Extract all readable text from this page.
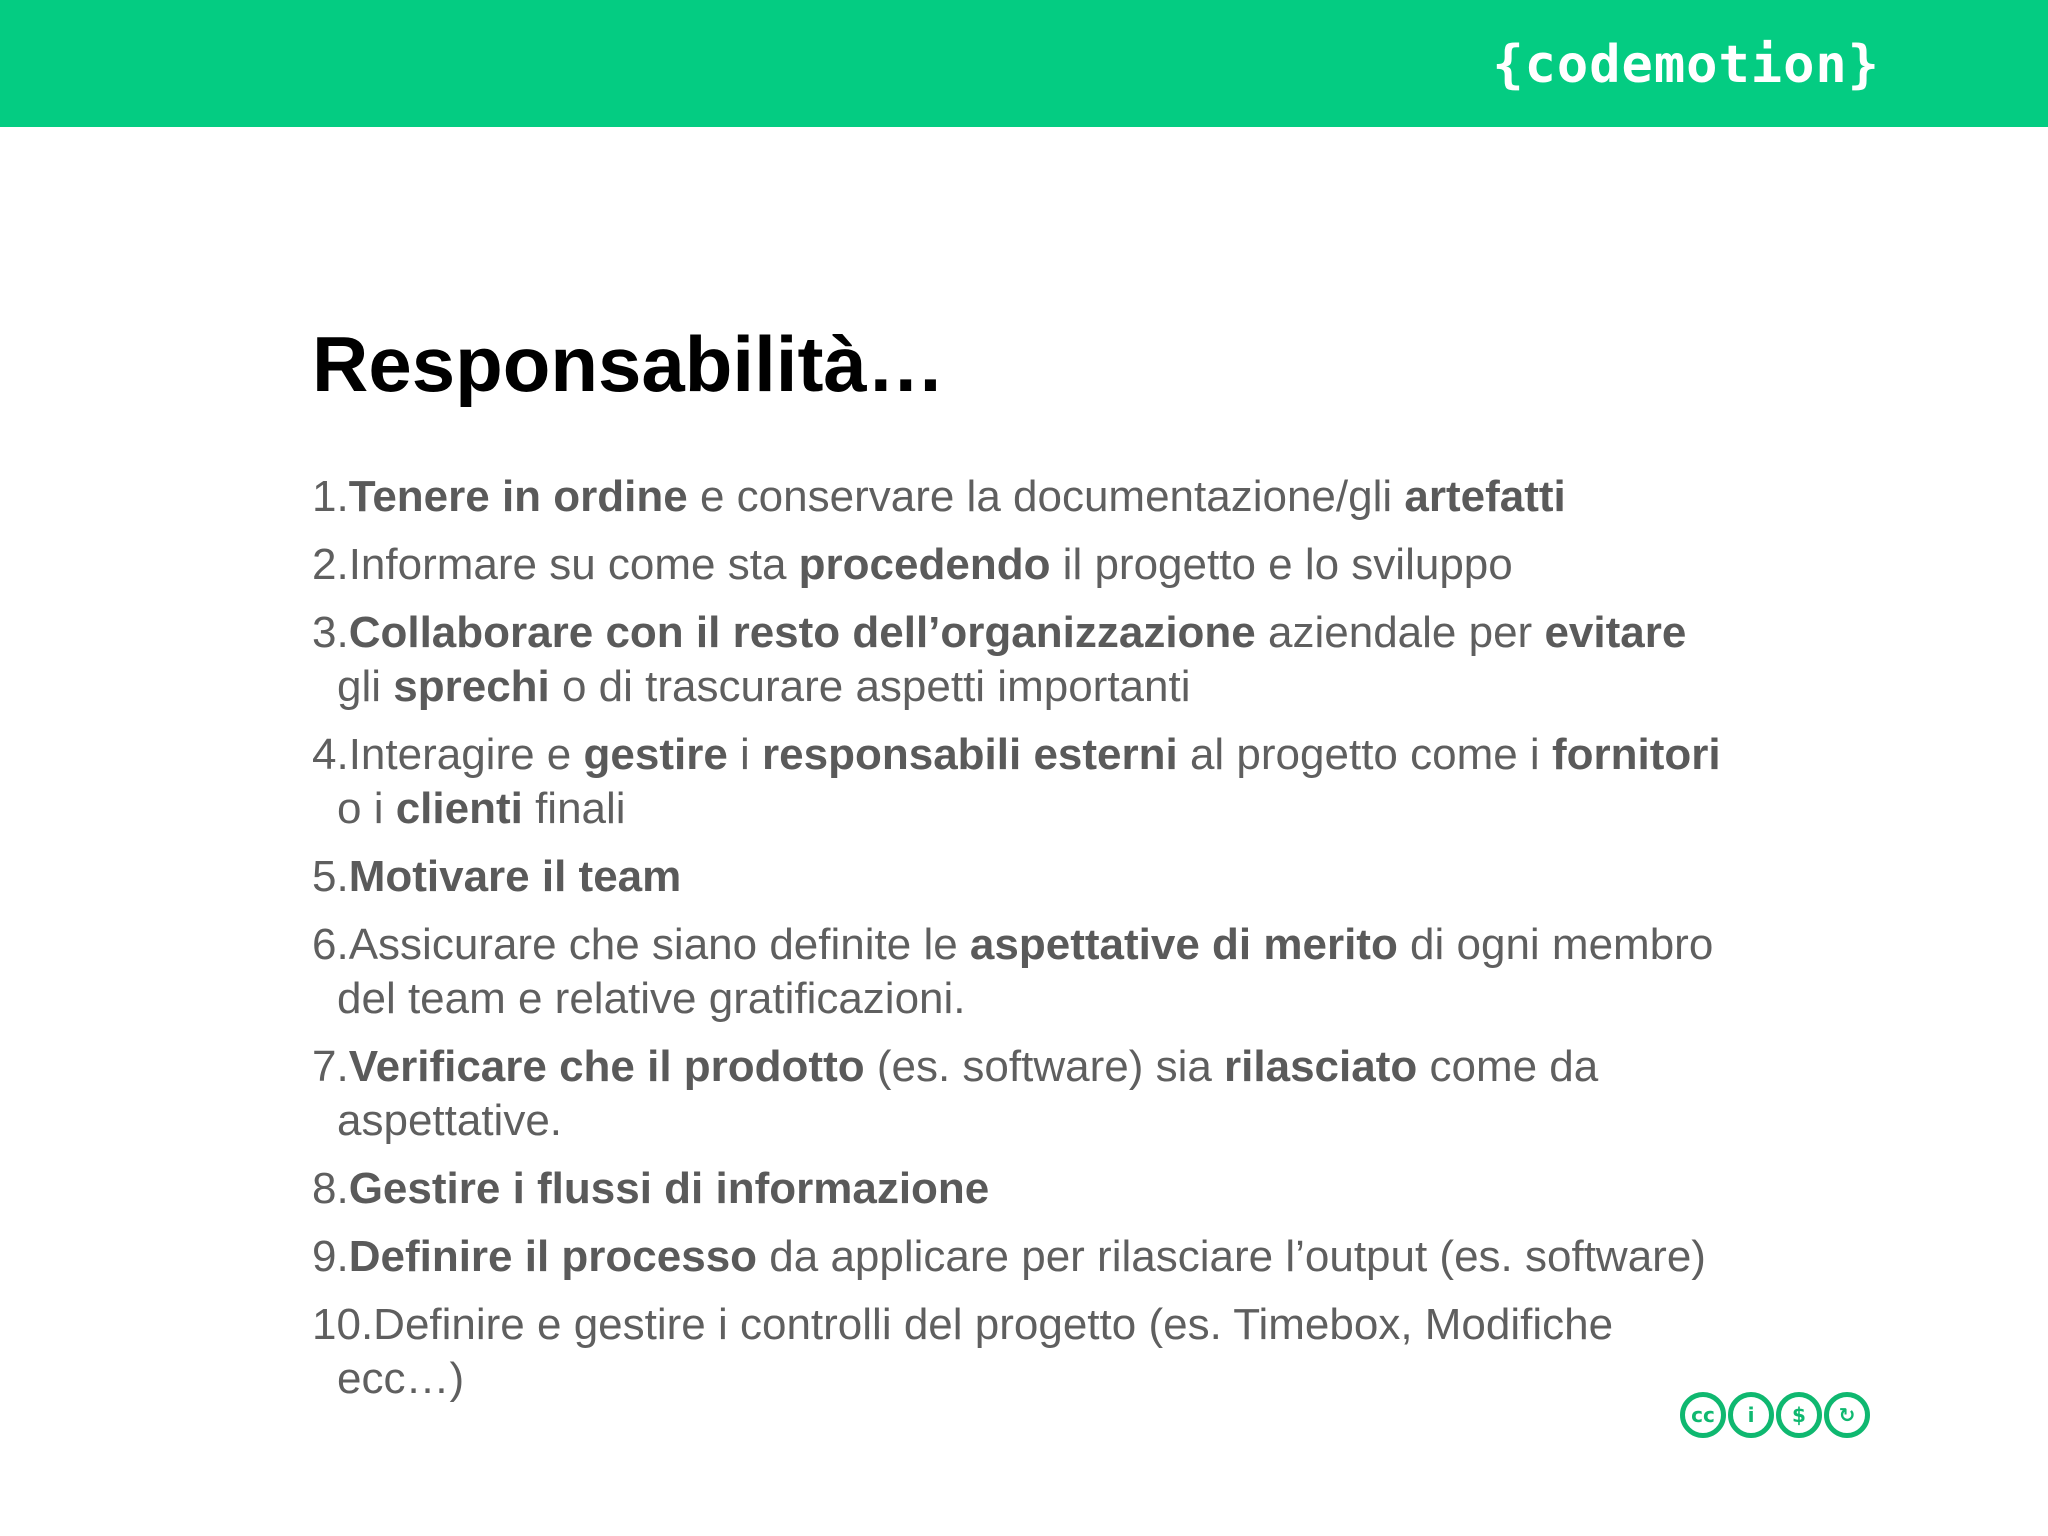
{codemotion}
Responsabilità…
1.Tenere in ordine e conservare la documentazione/gli artefatti
2.Informare su come sta procedendo il progetto e lo sviluppo
3.Collaborare con il resto dell’organizzazione aziendale per evitare gli sprechi o di trascurare aspetti importanti
4.Interagire e gestire i responsabili esterni al progetto come i fornitori o i clienti finali
5.Motivare il team
6.Assicurare che siano definite le aspettative di merito di ogni membro del team e relative gratificazioni.
7.Verificare che il prodotto (es. software) sia rilasciato come da aspettative.
8.Gestire i flussi di informazione
9.Definire il processo da applicare per rilasciare l’output (es. software)
10.Definire e gestire i controlli del progetto (es. Timebox, Modifiche ecc…)
cc	i	$	↻
